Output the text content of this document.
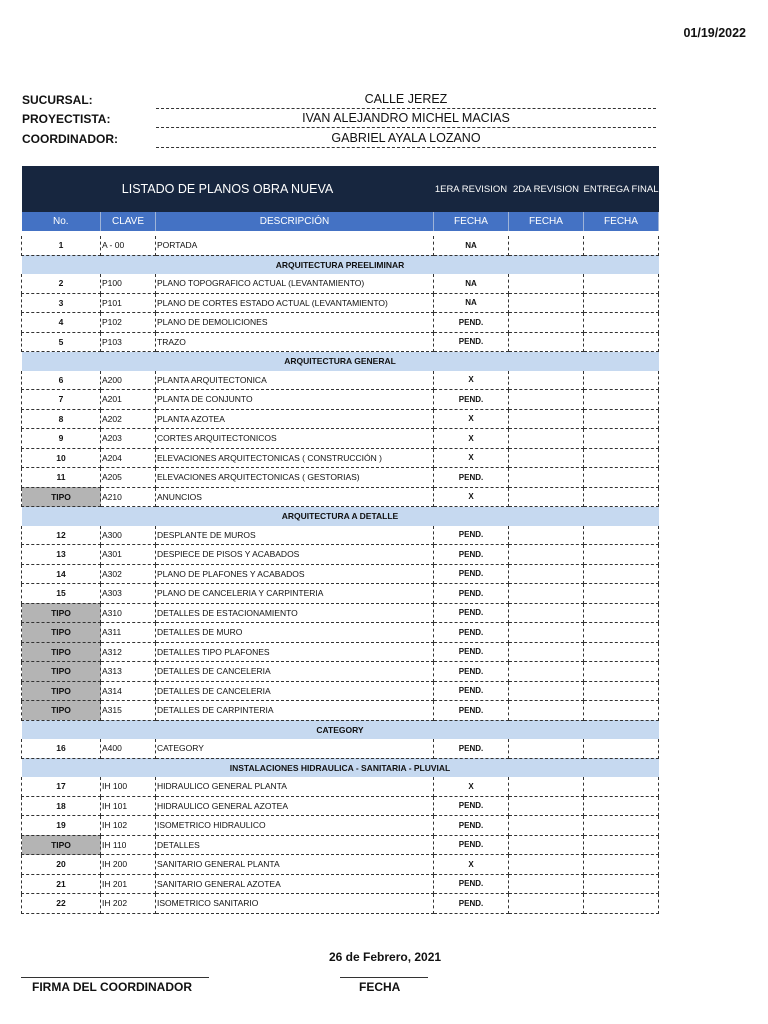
01/19/2022
SUCURSAL:	CALLE JEREZ
PROYECTISTA:	IVAN ALEJANDRO MICHEL MACIAS
COORDINADOR:	GABRIEL AYALA LOZANO
LISTADO DE PLANOS OBRA NUEVA			1ERA REVISION	2DA REVISION	ENTREGA FINAL
No.	CLAVE	DESCRIPCIÓN	FECHA	FECHA	FECHA

1	A - 00	PORTADA	NA		
ARQUITECTURA PREELIMINAR					
2	P100	PLANO TOPOGRAFICO ACTUAL (LEVANTAMIENTO)	NA		
3	P101	PLANO DE CORTES ESTADO ACTUAL (LEVANTAMIENTO)	NA		
4	P102	PLANO DE DEMOLICIONES	PEND.		
5	P103	TRAZO	PEND.		
ARQUITECTURA GENERAL					
6	A200	PLANTA ARQUITECTONICA	X		
7	A201	PLANTA DE CONJUNTO	PEND.		
8	A202	PLANTA AZOTEA	X		
9	A203	CORTES ARQUITECTONICOS	X		
10	A204	ELEVACIONES ARQUITECTONICAS ( CONSTRUCCIÓN )	X		
11	A205	ELEVACIONES ARQUITECTONICAS ( GESTORIAS)	PEND.		
TIPO	A210	ANUNCIOS	X		
ARQUITECTURA A DETALLE					
12	A300	DESPLANTE DE MUROS	PEND.		
13	A301	DESPIECE DE PISOS Y ACABADOS	PEND.		
14	A302	PLANO DE PLAFONES Y ACABADOS	PEND.		
15	A303	PLANO DE CANCELERIA Y CARPINTERIA	PEND.		
TIPO	A310	DETALLES DE ESTACIONAMIENTO	PEND.		
TIPO	A311	DETALLES DE MURO	PEND.		
TIPO	A312	DETALLES TIPO PLAFONES	PEND.		
TIPO	A313	DETALLES DE CANCELERIA	PEND.		
TIPO	A314	DETALLES DE CANCELERIA	PEND.		
TIPO	A315	DETALLES DE CARPINTERIA	PEND.		
CATEGORY					
16	A400	CATEGORY	PEND.		
INSTALACIONES HIDRAULICA - SANITARIA - PLUVIAL					
17	IH 100	HIDRAULICO GENERAL PLANTA	X		
18	IH 101	HIDRAULICO GENERAL AZOTEA	PEND.		
19	IH 102	ISOMETRICO HIDRAULICO	PEND.		
TIPO	IH 110	DETALLES	PEND.		
20	IH 200	SANITARIO GENERAL PLANTA	X		
21	IH 201	SANITARIO GENERAL AZOTEA	PEND.		
22	IH 202	ISOMETRICO SANITARIO	PEND.		
26 de Febrero, 2021
FIRMA DEL COORDINADOR	FECHA
